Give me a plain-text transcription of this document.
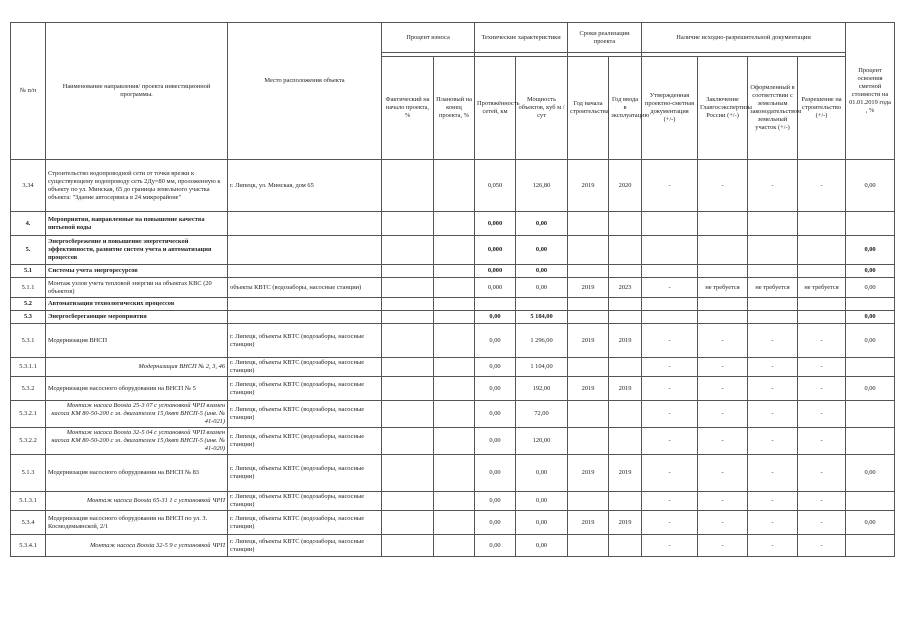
№ п/п	Наименование направления/ проекта инвестиционной программы.	Место расположения объекта	Процент износа		Технические характеристики		Сроки реализации проекта		Наличие исходно-разрешительной документации				Процент освоения сметной стоимости на 01.01.2019 года , %

			Фактический на начало проекта, %	Плановый на конец проекта, %	Протяжённость сетей, км	Мощность объектов, куб м /сут	Год начала строительства	Год ввода в эксплуатацию	Утвержденная проектно-сметная документация (+/-)	Заключение Главгосэкспертизы России (+/-)	Оформленный в соответствии с земельным законодательством земельный участок (+/-)	Разрешение на строительство (+/-)	
3.34	Строительство водопроводной сети от точки врезки к существующему водопроводу сеть 2Ду=80 мм, проложенную к объекту по ул. Минская, 65 до границы земельного участка объекта: "Здание автосервиса в 24 микрорайоне"	г. Липецк, ул. Минская, дом 65			0,050	126,80	2019	2020	-	-	-	-	0,00
4.	Мероприятия, направленные на повышение качества питьевой воды				0,000	0,00							
5.	Энергосбережение и повышение энергетической эффективности, развитие систем учета и автоматизация процессов				0,000	0,00							0,00
5.1	Системы учета энергоресурсов				0,000	0,00							0,00
5.1.1	Монтаж узлов учета тепловой энергии на объектах КВС (20 объектов)	объекты КВТС (водозаборы, насосные станции)			0,000	0,00	2019	2023	-	не требуется	не требуется	не требуется	0,00
5.2	Автоматизация технологических процессов												
5.3	Энергосберегающие мероприятия				0,00	5 184,00							0,00
5.3.1	Модернизация ВНСП	г. Липецк, объекты КВТС (водозаборы, насосные станции)			0,00	1 296,00	2019	2019	-	-	-	-	0,00
5.3.1.1	Модернизация ВНСП № 2, 3, 46	г. Липецк, объекты КВТС (водозаборы, насосные станции)			0,00	1 104,00			-	-	-	-	
5.3.2	Модернизация насосного оборудования на ВНСП № 5	г. Липецк, объекты КВТС (водозаборы, насосные станции)			0,00	192,00	2019	2019	-	-	-	-	0,00
5.3.2.1	Монтаж насоса Boosta 25-3 07 с установкой ЧРП взамен насоса КМ 80-50-200 с эл. двигателем 15,0квт ВНСП-5 (инв. № 41-021)	г. Липецк, объекты КВТС (водозаборы, насосные станции)			0,00	72,00			-	-	-	-	
5.3.2.2	Монтаж насоса Boosta 32-5 04 с установкой ЧРП взамен насоса КМ 80-50-200 с эл. двигателем 15,0квт ВНСП-5 (инв. № 41-020)	г. Липецк, объекты КВТС (водозаборы, насосные станции)			0,00	120,00			-	-	-	-	
5.1.3	Модернизация насосного оборудования на ВНСП № 83	г. Липецк, объекты КВТС (водозаборы, насосные станции)			0,00	0,00	2019	2019	-	-	-	-	0,00
5.1.3.1	Монтаж насоса Boosta 65-31 1 с установкой ЧРП	г. Липецк, объекты КВТС (водозаборы, насосные станции)			0,00	0,00			-	-	-	-	
5.3.4	Модернизация насосного оборудования на ВНСП по ул. З. Космодемьянской, 2/1	г. Липецк, объекты КВТС (водозаборы, насосные станции)			0,00	0,00	2019	2019	-	-	-	-	0,00
5.3.4.1	Монтаж насоса Boosta 32-5 9 с установкой ЧРП	г. Липецк, объекты КВТС (водозаборы, насосные станции)			0,00	0,00			-	-	-	-	
